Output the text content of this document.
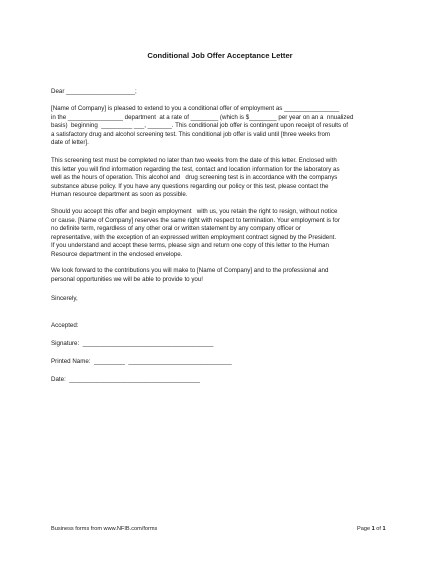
Conditional Job Offer Acceptance Letter
Dear ____________________;
[Name of Company] is pleased to extend to you a conditional offer of employment as ________________
in the ________________ department  at a rate of ________ (which is $________ per year on an a  nnualized
basis)  beginning  _________ ___, _______. This conditional job offer is contingent upon receipt of results of
a satisfactory drug and alcohol screening test. This conditional job offer is valid until [three weeks from
date of letter].
This screening test must be completed no later than two weeks from the date of this letter. Enclosed with
this letter you will find information regarding the test, contact and location information for the laboratory as
well as the hours of operation. This alcohol and   drug screening test is in accordance with the companys
substance abuse policy. If you have any questions regarding our policy or this test, please contact the
Human resource department as soon as possible.
Should you accept this offer and begin employment   with us, you retain the right to resign, without notice
or cause. [Name of Company] reserves the same right with respect to termination. Your employment is for
no definite term, regardless of any other oral or written statement by any company officer or
representative, with the exception of an expressed written employment contract signed by the President.
If you understand and accept these terms, please sign and return one copy of this letter to the Human
Resource department in the enclosed envelope.
We look forward to the contributions you will make to [Name of Company] and to the professional and
personal opportunities we will be able to provide to you!
Sincerely,
Accepted:
Signature:  ______________________________________
Printed Name:  _________  ______________________________
Date:  ______________________________________
Business forms from www.NFIB.com/forms	Page 1 of 1
